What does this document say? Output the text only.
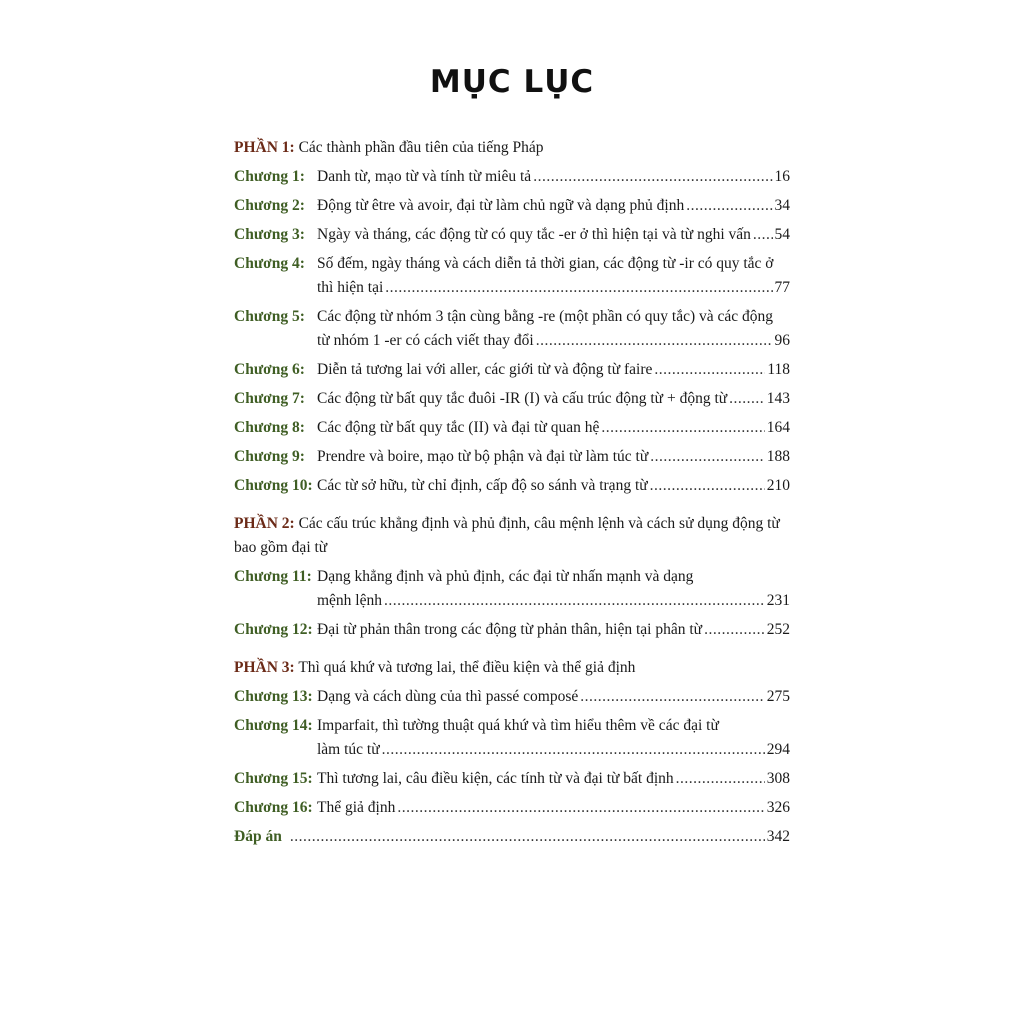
MỤC LỤC
PHẦN 1: Các thành phần đầu tiên của tiếng Pháp
Chương 1: Danh từ, mạo từ và tính từ miêu tả .....	16
Chương 2: Động từ être và avoir, đại từ làm chủ ngữ và dạng phủ định .....	34
Chương 3: Ngày và tháng, các động từ có quy tắc -er ở thì hiện tại và từ nghi vấn ..... 54
Chương 4: Số đếm, ngày tháng và cách diễn tả thời gian, các động từ -ir có quy tắc ở
thì hiện tại .....	77
Chương 5: Các động từ nhóm 3 tận cùng bằng -re (một phần có quy tắc) và các động
từ nhóm 1 -er có cách viết thay đổi .....	96
Chương 6: Diễn tả tương lai với aller, các giới từ và động từ faire .....	118
Chương 7: Các động từ bất quy tắc đuôi -IR (I) và cấu trúc động từ + động từ .....	143
Chương 8: Các động từ bất quy tắc (II) và đại từ quan hệ .....	164
Chương 9: Prendre và boire, mạo từ bộ phận và đại từ làm túc từ .....	188
Chương 10: Các từ sở hữu, từ chỉ định, cấp độ so sánh và trạng từ .....	210
PHẦN 2: Các cấu trúc khẳng định và phủ định, câu mệnh lệnh và cách sử dụng động từ
bao gồm đại từ
Chương 11: Dạng khẳng định và phủ định, các đại từ nhấn mạnh và dạng
mệnh lệnh .....	231
Chương 12: Đại từ phản thân trong các động từ phản thân, hiện tại phân từ .....	252
PHẦN 3: Thì quá khứ và tương lai, thể điều kiện và thể giả định
Chương 13: Dạng và cách dùng của thì passé composé .....	275
Chương 14: Imparfait, thì tường thuật quá khứ và tìm hiểu thêm về các đại từ
làm túc từ .....	294
Chương 15: Thì tương lai, câu điều kiện, các tính từ và đại từ bất định .....	308
Chương 16: Thể giả định .....	326
Đáp án .....	342
